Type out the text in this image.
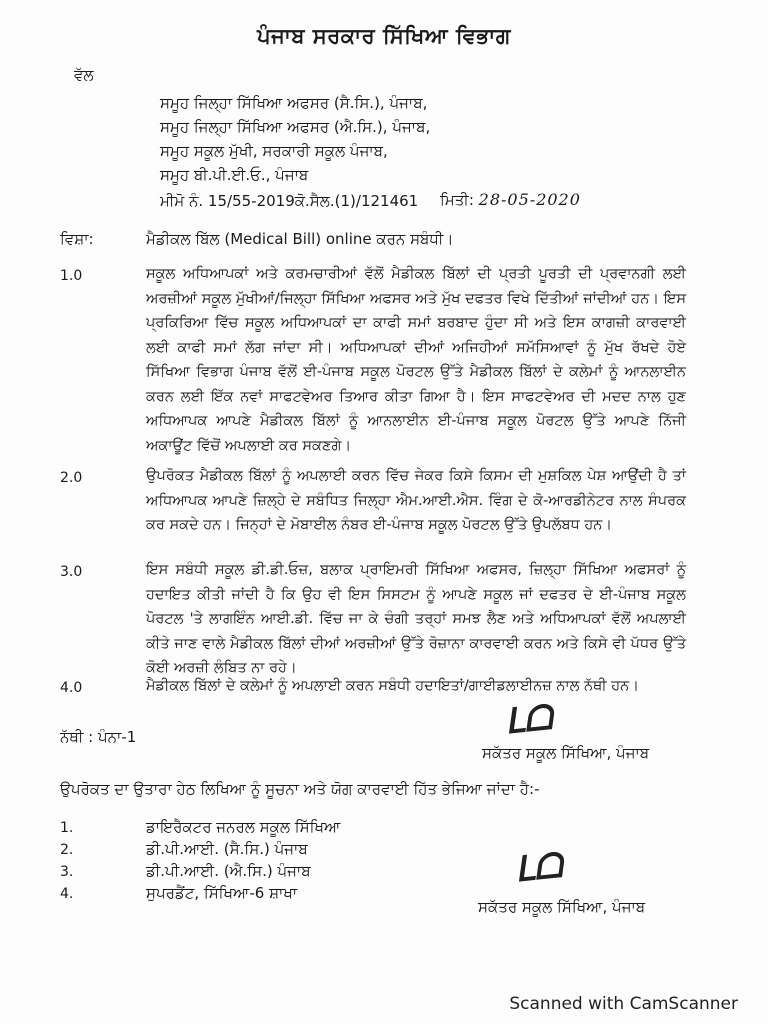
ਪੰਜਾਬ ਸਰਕਾਰ ਸਿੱਖਿਆ ਵਿਭਾਗ
ਵੱਲ
ਸਮੂਹ ਜਿਲ੍ਹਾ ਸਿੱਖਿਆ ਅਫਸਰ (ਸੈ.ਸਿ.), ਪੰਜਾਬ,
ਸਮੂਹ ਜਿਲ੍ਹਾ ਸਿੱਖਿਆ ਅਫਸਰ (ਐ.ਸਿ.), ਪੰਜਾਬ,
ਸਮੂਹ ਸਕੂਲ ਮੁੱਖੀ, ਸਰਕਾਰੀ ਸਕੂਲ ਪੰਜਾਬ,
ਸਮੂਹ ਬੀ.ਪੀ.ਈ.ਓ., ਪੰਜਾਬ
ਮੀਮੋ ਨੰ. 15/55-2019ਕੋ.ਸੈਲ.(1)/121461 ਮਿਤੀ: 28-05-2020
ਵਿਸ਼ਾ:	ਮੈਡੀਕਲ ਬਿੱਲ (Medical Bill) online ਕਰਨ ਸਬੰਧੀ।
1.0	ਸਕੂਲ ਅਧਿਆਪਕਾਂ ਅਤੇ ਕਰਮਚਾਰੀਆਂ ਵੱਲੋਂ ਮੈਡੀਕਲ ਬਿੱਲਾਂ ਦੀ ਪ੍ਰਤੀ ਪੂਰਤੀ ਦੀ ਪ੍ਰਵਾਨਗੀ ਲਈ ਅਰਜ਼ੀਆਂ ਸਕੂਲ ਮੁੱਖੀਆਂ/ਜਿਲ੍ਹਾ ਸਿੱਖਿਆ ਅਫਸਰ ਅਤੇ ਮੁੱਖ ਦਫਤਰ ਵਿਖੇ ਦਿੱਤੀਆਂ ਜਾਂਦੀਆਂ ਹਨ। ਇਸ ਪ੍ਰਕਿਰਿਆ ਵਿੱਚ ਸਕੂਲ ਅਧਿਆਪਕਾਂ ਦਾ ਕਾਫੀ ਸਮਾਂ ਬਰਬਾਦ ਹੁੰਦਾ ਸੀ ਅਤੇ ਇਸ ਕਾਗਜ਼ੀ ਕਾਰਵਾਈ ਲਈ ਕਾਫੀ ਸਮਾਂ ਲੱਗ ਜਾਂਦਾ ਸੀ। ਅਧਿਆਪਕਾਂ ਦੀਆਂ ਅਜਿਹੀਆਂ ਸਮੱਸਿਆਵਾਂ ਨੂੰ ਮੁੱਖ ਰੱਖਦੇ ਹੋਏ ਸਿੱਖਿਆ ਵਿਭਾਗ ਪੰਜਾਬ ਵੱਲੋਂ ਈ-ਪੰਜਾਬ ਸਕੂਲ ਪੋਰਟਲ ਉੱਤੇ ਮੈਡੀਕਲ ਬਿੱਲਾਂ ਦੇ ਕਲੇਮਾਂ ਨੂੰ ਆਨਲਾਈਨ ਕਰਨ ਲਈ ਇੱਕ ਨਵਾਂ ਸਾਫਟਵੇਅਰ ਤਿਆਰ ਕੀਤਾ ਗਿਆ ਹੈ। ਇਸ ਸਾਫਟਵੇਅਰ ਦੀ ਮਦਦ ਨਾਲ ਹੁਣ ਅਧਿਆਪਕ ਆਪਣੇ ਮੈਡੀਕਲ ਬਿੱਲਾਂ ਨੂੰ ਆਨਲਾਈਨ ਈ-ਪੰਜਾਬ ਸਕੂਲ ਪੋਰਟਲ ਉੱਤੇ ਆਪਣੇ ਨਿੱਜੀ ਅਕਾਊਂਟ ਵਿੱਚੋਂ ਅਪਲਾਈ ਕਰ ਸਕਣਗੇ।
2.0	ਉਪਰੋਕਤ ਮੈਡੀਕਲ ਬਿੱਲਾਂ ਨੂੰ ਅਪਲਾਈ ਕਰਨ ਵਿੱਚ ਜੇਕਰ ਕਿਸੇ ਕਿਸਮ ਦੀ ਮੁਸ਼ਕਿਲ ਪੇਸ਼ ਆਉਂਦੀ ਹੈ ਤਾਂ ਅਧਿਆਪਕ ਆਪਣੇ ਜ਼ਿਲ੍ਹੇ ਦੇ ਸਬੰਧਿਤ ਜਿਲ੍ਹਾ ਐਮ.ਆਈ.ਐਸ. ਵਿੰਗ ਦੇ ਕੋ-ਆਰਡੀਨੇਟਰ ਨਾਲ ਸੰਪਰਕ ਕਰ ਸਕਦੇ ਹਨ। ਜਿਨ੍ਹਾਂ ਦੇ ਮੋਬਾਈਲ ਨੰਬਰ ਈ-ਪੰਜਾਬ ਸਕੂਲ ਪੋਰਟਲ ਉੱਤੇ ਉਪਲੱਬਧ ਹਨ।
3.0	ਇਸ ਸਬੰਧੀ ਸਕੂਲ ਡੀ.ਡੀ.ਓਜ਼, ਬਲਾਕ ਪ੍ਰਾਇਮਰੀ ਸਿੱਖਿਆ ਅਫਸਰ, ਜ਼ਿਲ੍ਹਾ ਸਿੱਖਿਆ ਅਫਸਰਾਂ ਨੂੰ ਹਦਾਇਤ ਕੀਤੀ ਜਾਂਦੀ ਹੈ ਕਿ ਉਹ ਵੀ ਇਸ ਸਿਸਟਮ ਨੂੰ ਆਪਣੇ ਸਕੂਲ ਜਾਂ ਦਫਤਰ ਦੇ ਈ-ਪੰਜਾਬ ਸਕੂਲ ਪੋਰਟਲ 'ਤੇ ਲਾਗਇੰਨ ਆਈ.ਡੀ. ਵਿੱਚ ਜਾ ਕੇ ਚੰਗੀ ਤਰ੍ਹਾਂ ਸਮਝ ਲੈਣ ਅਤੇ ਅਧਿਆਪਕਾਂ ਵੱਲੋਂ ਅਪਲਾਈ ਕੀਤੇ ਜਾਣ ਵਾਲੇ ਮੈਡੀਕਲ ਬਿੱਲਾਂ ਦੀਆਂ ਅਰਜ਼ੀਆਂ ਉੱਤੇ ਰੋਜ਼ਾਨਾ ਕਾਰਵਾਈ ਕਰਨ ਅਤੇ ਕਿਸੇ ਵੀ ਪੱਧਰ ਉੱਤੇ ਕੋਈ ਅਰਜ਼ੀ ਲੰਬਿਤ ਨਾ ਰਹੇ।
4.0	ਮੈਡੀਕਲ ਬਿੱਲਾਂ ਦੇ ਕਲੇਮਾਂ ਨੂੰ ਅਪਲਾਈ ਕਰਨ ਸਬੰਧੀ ਹਦਾਇਤਾਂ/ਗਾਈਡਲਾਈਨਜ਼ ਨਾਲ ਨੱਥੀ ਹਨ।
ਨੱਥੀ : ਪੰਨਾ-1	ᒪᗝ
ਸਕੱਤਰ ਸਕੂਲ ਸਿੱਖਿਆ, ਪੰਜਾਬ
ਉਪਰੋਕਤ ਦਾ ਉਤਾਰਾ ਹੇਠ ਲਿਖਿਆ ਨੂੰ ਸੂਚਨਾ ਅਤੇ ਯੋਗ ਕਾਰਵਾਈ ਹਿੱਤ ਭੇਜਿਆ ਜਾਂਦਾ ਹੈ:-
1.	ਡਾਇਰੈਕਟਰ ਜਨਰਲ ਸਕੂਲ ਸਿੱਖਿਆ
2.	ਡੀ.ਪੀ.ਆਈ. (ਸੈ.ਸਿ.) ਪੰਜਾਬ
3.	ਡੀ.ਪੀ.ਆਈ. (ਐ.ਸਿ.) ਪੰਜਾਬ
4.	ਸੁਪਰਡੈਂਟ, ਸਿੱਖਿਆ-6 ਸ਼ਾਖਾ
ᒪᗝ
ਸਕੱਤਰ ਸਕੂਲ ਸਿੱਖਿਆ, ਪੰਜਾਬ
Scanned with CamScanner
